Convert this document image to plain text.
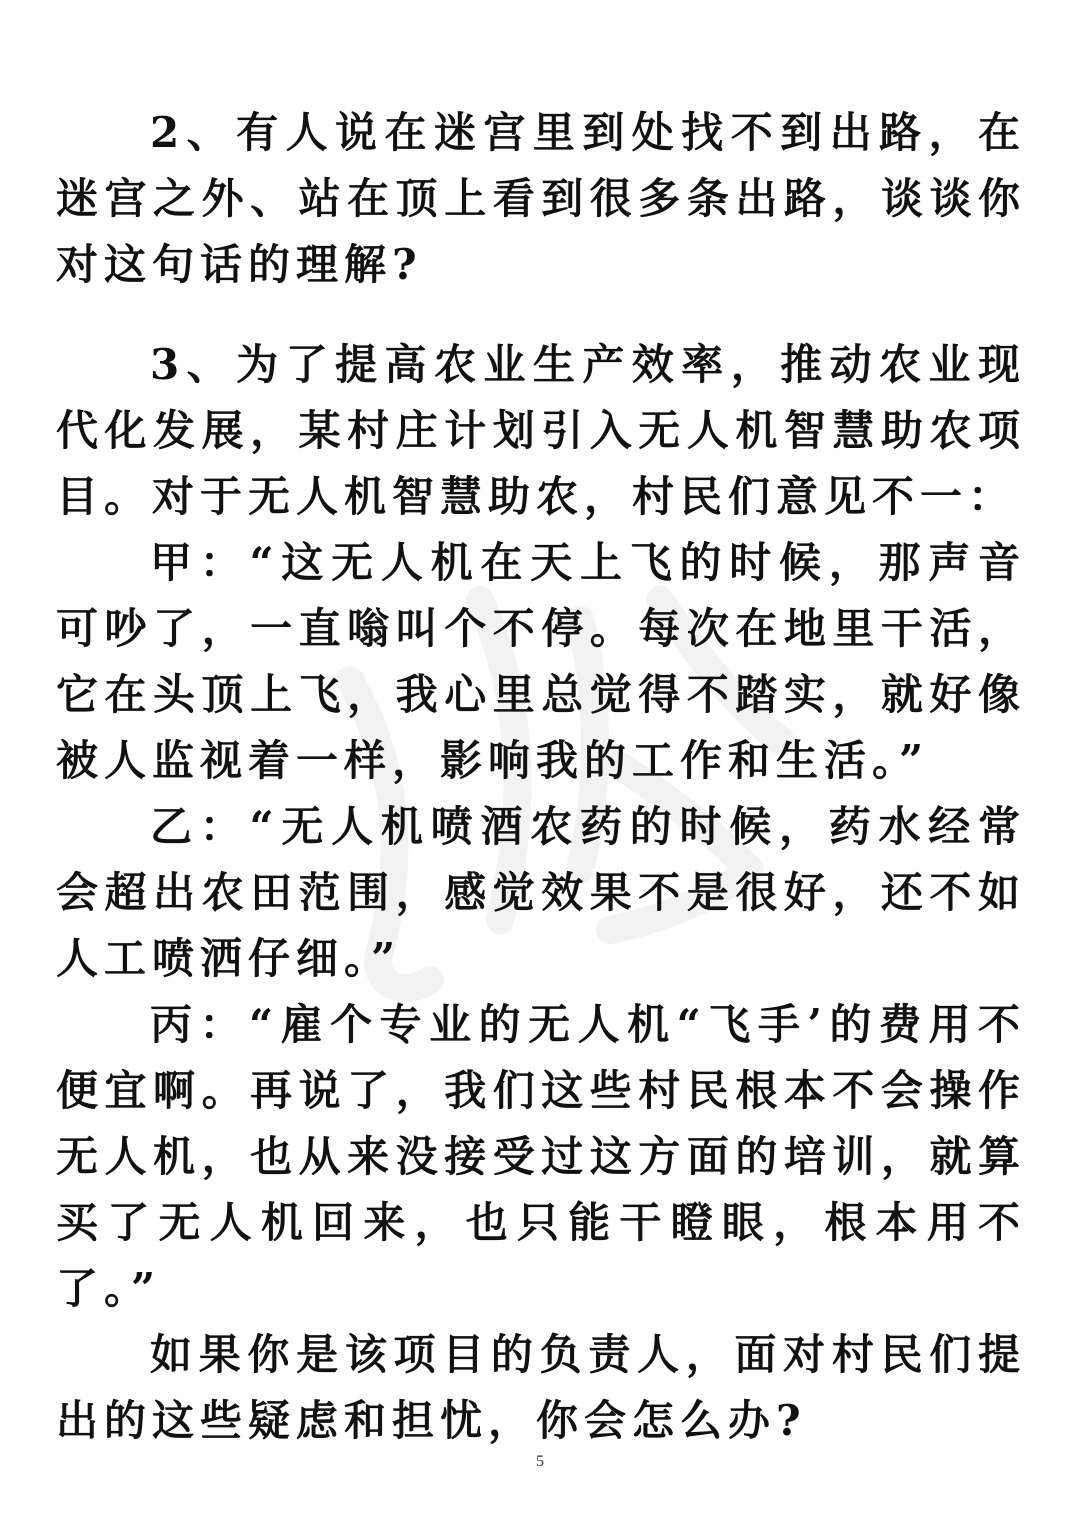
2、有人说在迷宫里到处找不到出路，在迷宫之外、站在顶上看到很多条出路，谈谈你对这句话的理解?

3、为了提高农业生产效率，推动农业现代化发展，某村庄计划引入无人机智慧助农项目。对于无人机智慧助农，村民们意见不一：

甲：“这无人机在天上飞的时候，那声音可吵了，一直嗡叫个不停。每次在地里干活，它在头顶上飞，我心里总觉得不踏实，就好像被人监视着一样，影响我的工作和生活。”

乙：“无人机喷酒农药的时候，药水经常会超出农田范围，感觉效果不是很好，还不如人工喷洒仔细。”

丙：“雇个专业的无人机“飞手’的费用不便宜啊。再说了，我们这些村民根本不会操作无人机，也从来没接受过这方面的培训，就算买了无人机回来，也只能干瞪眼，根本用不了。”

如果你是该项目的负责人，面对村民们提出的这些疑虑和担忧，你会怎么办?

5
